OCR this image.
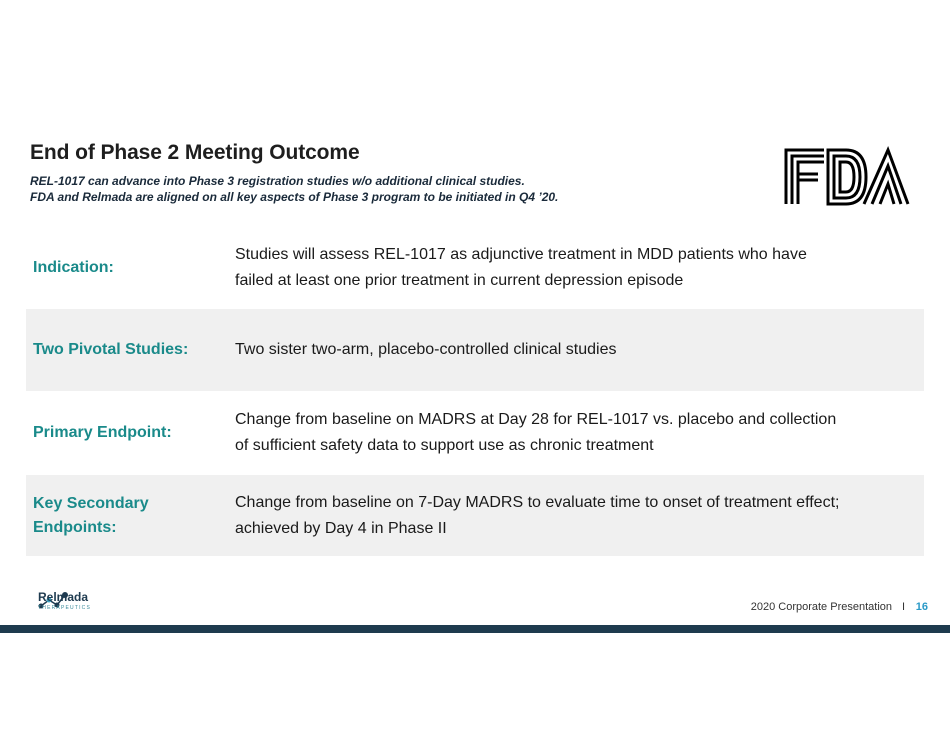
End of Phase 2 Meeting Outcome
REL-1017 can advance into Phase 3 registration studies w/o additional clinical studies.
FDA and Relmada are aligned on all key aspects of Phase 3 program to be initiated in Q4 ’20.
Indication:
Studies will assess REL-1017 as adjunctive treatment in MDD patients who have
failed at least one prior treatment in current depression episode
Two Pivotal Studies:	Two sister two-arm, placebo-controlled clinical studies
Primary Endpoint:
Change from baseline on MADRS at Day 28 for REL-1017 vs. placebo and collection
of sufficient safety data to support use as chronic treatment
Key Secondary
Endpoints:
Change from baseline on 7-Day MADRS to evaluate time to onset of treatment effect;
achieved by Day 4 in Phase II
Relmada
THERAPEUTICS	2020 Corporate Presentation I 16
